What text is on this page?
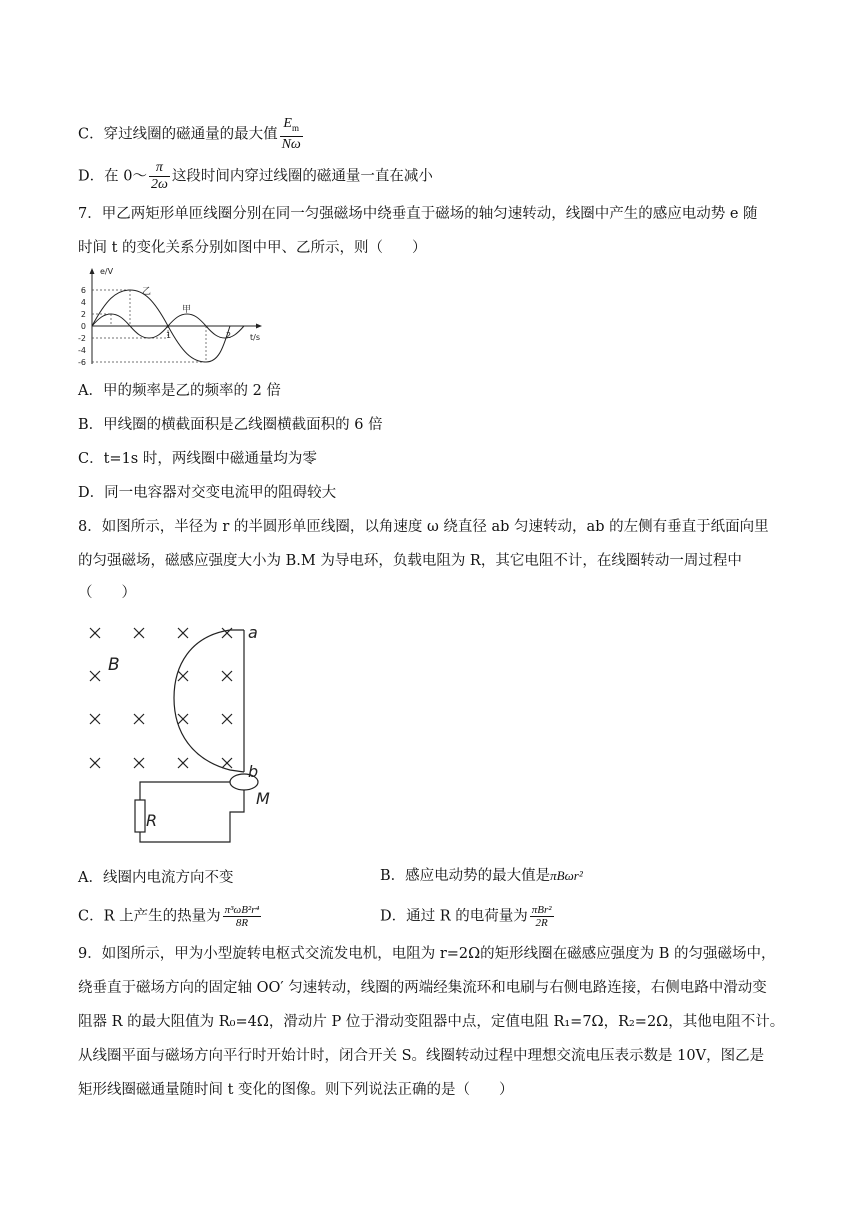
C．穿过线圈的磁通量的最大值 $\frac{E_m}{N\omega}$
D．在 0～ $\frac{\pi}{2\omega}$ 这段时间内穿过线圈的磁通量一直在减小
7．甲乙两矩形单匝线圈分别在同一匀强磁场中绕垂直于磁场的轴匀速转动，线圈中产生的感应电动势 e 随
时间 t 的变化关系分别如图中甲、乙所示，则（　　）
e/V
t/s
6
4
2
0
-2
-4
-6
1	2
乙
甲
A．甲的频率是乙的频率的 2 倍
B．甲线圈的横截面积是乙线圈横截面积的 6 倍
C．t=1s 时，两线圈中磁通量均为零
D．同一电容器对交变电流甲的阻碍较大
8．如图所示，半径为 r 的半圆形单匝线圈，以角速度 ω 绕直径 ab 匀速转动，ab 的左侧有垂直于纸面向里
的匀强磁场，磁感应强度大小为 B.M 为导电环，负载电阻为 R，其它电阻不计，在线圈转动一周过程中
（　　）
a
b
B
M
R
A．线圈内电流方向不变	B．感应电动势的最大值是πBωr²
C．R 上产生的热量为 $\frac{\text{π³ωB²r⁴}}{8R}$	D．通过 R 的电荷量为 $\frac{\text{πBr²}}{2R}$
9．如图所示，甲为小型旋转电枢式交流发电机，电阻为 r=2Ω的矩形线圈在磁感应强度为 B 的匀强磁场中，
绕垂直于磁场方向的固定轴 OO′ 匀速转动，线圈的两端经集流环和电刷与右侧电路连接，右侧电路中滑动变
阻器 R 的最大阻值为 R₀=4Ω，滑动片 P 位于滑动变阻器中点，定值电阻 R₁=7Ω，R₂=2Ω，其他电阻不计。
从线圈平面与磁场方向平行时开始计时，闭合开关 S。线圈转动过程中理想交流电压表示数是 10V，图乙是
矩形线圈磁通量随时间 t 变化的图像。则下列说法正确的是（　　）
